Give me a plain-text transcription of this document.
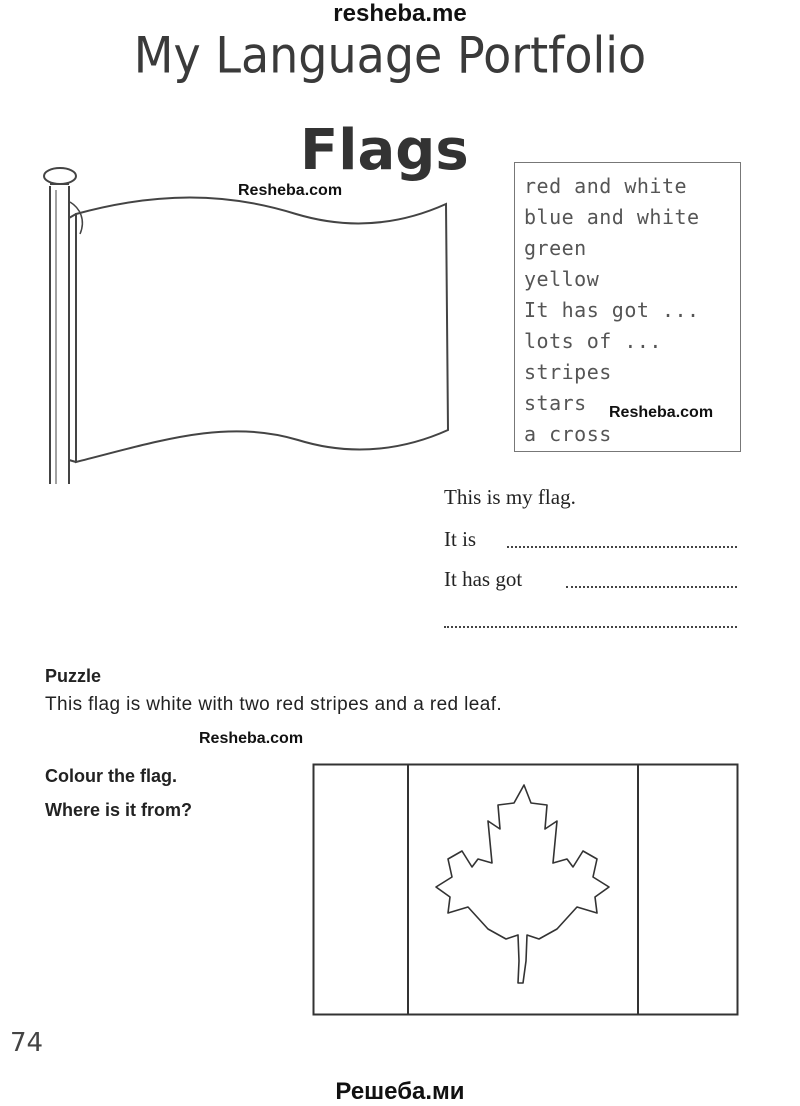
resheba.me
Решеба.ми
Resheba.com
Resheba.com
Resheba.com
My Language Portfolio
Flags
red and white
blue and white
green
yellow
It has got ...
lots of ...
stripes
stars
a cross
This is my flag.
It is
It has got
Puzzle
This flag is white with two red stripes and a red leaf.
Colour the flag.
Where is it from?
74
